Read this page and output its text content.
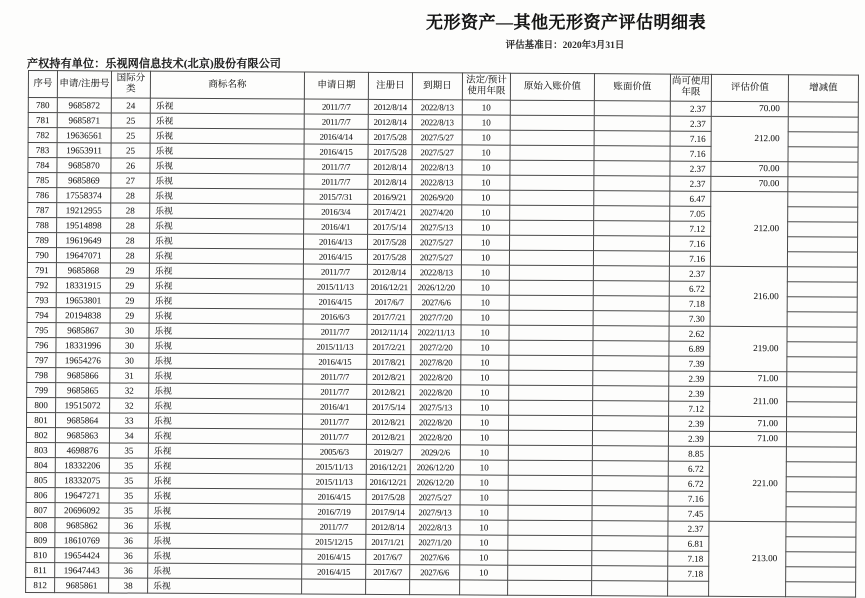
无形资产—其他无形资产评估明细表
评估基准日：2020年3月31日
产权持有单位：乐视网信息技术(北京)股份有限公司
序号	申请/注册号	国际分类	商标名称	申请日期	注册日	到期日	法定/预计使用年限	原始入账价值	账面价值	尚可使用年限	评估价值	增减值
780	9685872	24	乐视	2011/7/7	2012/8/14	2022/8/13	10			2.37	70.00	
781	9685871	25	乐视	2011/7/7	2012/8/14	2022/8/13	10			2.37	212.00	
782	19636561	25	乐视	2016/4/14	2017/5/28	2027/5/27	10			7.16		
783	19653911	25	乐视	2016/4/15	2017/5/28	2027/5/27	10			7.16		
784	9685870	26	乐视	2011/7/7	2012/8/14	2022/8/13	10			2.37	70.00	
785	9685869	27	乐视	2011/7/7	2012/8/14	2022/8/13	10			2.37	70.00	
786	17558374	28	乐视	2015/7/31	2016/9/21	2026/9/20	10			6.47	212.00	
787	19212955	28	乐视	2016/3/4	2017/4/21	2027/4/20	10			7.05		
788	19514898	28	乐视	2016/4/1	2017/5/14	2027/5/13	10			7.12		
789	19619649	28	乐视	2016/4/13	2017/5/28	2027/5/27	10			7.16		
790	19647071	28	乐视	2016/4/15	2017/5/28	2027/5/27	10			7.16		
791	9685868	29	乐视	2011/7/7	2012/8/14	2022/8/13	10			2.37	216.00	
792	18331915	29	乐视	2015/11/13	2016/12/21	2026/12/20	10			6.72		
793	19653801	29	乐视	2016/4/15	2017/6/7	2027/6/6	10			7.18		
794	20194838	29	乐视	2016/6/3	2017/7/21	2027/7/20	10			7.30		
795	9685867	30	乐视	2011/7/7	2012/11/14	2022/11/13	10			2.62	219.00	
796	18331996	30	乐视	2015/11/13	2017/2/21	2027/2/20	10			6.89		
797	19654276	30	乐视	2016/4/15	2017/8/21	2027/8/20	10			7.39		
798	9685866	31	乐视	2011/7/7	2012/8/21	2022/8/20	10			2.39	71.00	
799	9685865	32	乐视	2011/7/7	2012/8/21	2022/8/20	10			2.39	211.00	
800	19515072	32	乐视	2016/4/1	2017/5/14	2027/5/13	10			7.12		
801	9685864	33	乐视	2011/7/7	2012/8/21	2022/8/20	10			2.39	71.00	
802	9685863	34	乐视	2011/7/7	2012/8/21	2022/8/20	10			2.39	71.00	
803	4698876	35	乐视	2005/6/3	2019/2/7	2029/2/6	10			8.85	221.00	
804	18332206	35	乐视	2015/11/13	2016/12/21	2026/12/20	10			6.72		
805	18332075	35	乐视	2015/11/13	2016/12/21	2026/12/20	10			6.72		
806	19647271	35	乐视	2016/4/15	2017/5/28	2027/5/27	10			7.16		
807	20696092	35	乐视	2016/7/19	2017/9/14	2027/9/13	10			7.45		
808	9685862	36	乐视	2011/7/7	2012/8/14	2022/8/13	10			2.37	213.00	
809	18610769	36	乐视	2015/12/15	2017/1/21	2027/1/20	10			6.81		
810	19654424	36	乐视	2016/4/15	2017/6/7	2027/6/6	10			7.18		
811	19647443	36	乐视	2016/4/15	2017/6/7	2027/6/6	10			7.18		
812	9685861	38	乐视									
